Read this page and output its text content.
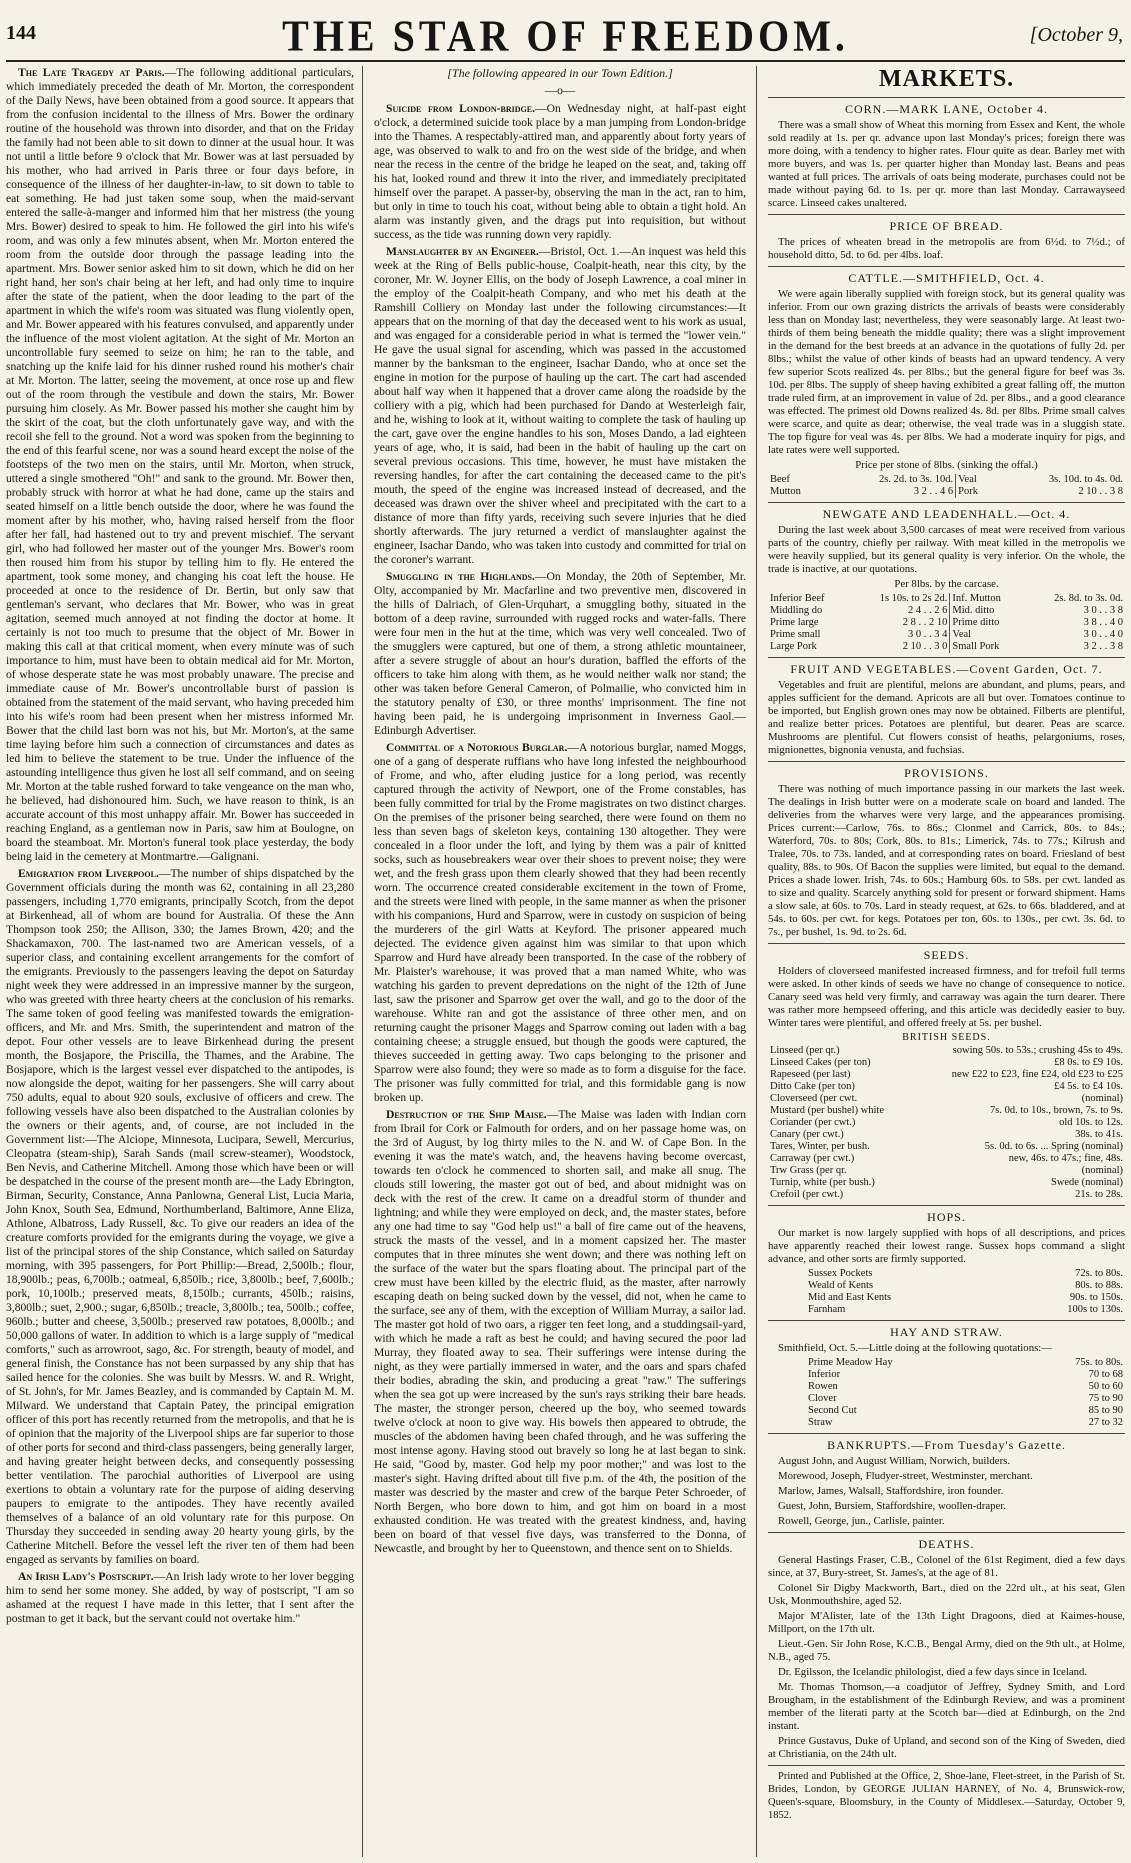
144	THE STAR OF FREEDOM.	[October 9,

The Late Tragedy at Paris.—The following additional particulars, which immediately preceded the death of Mr. Morton, the correspondent of the Daily News, have been obtained from a good source. It appears that from the confusion incidental to the illness of Mrs. Bower the ordinary routine of the household was thrown into disorder, and that on the Friday the family had not been able to sit down to dinner at the usual hour. It was not until a little before 9 o'clock that Mr. Bower was at last persuaded by his mother, who had arrived in Paris three or four days before, in consequence of the illness of her daughter-in-law, to sit down to table to eat something. He had just taken some soup, when the maid-servant entered the salle-à-manger and informed him that her mistress (the young Mrs. Bower) desired to speak to him. He followed the girl into his wife's room, and was only a few minutes absent, when Mr. Morton entered the room from the outside door through the passage leading into the apartment. Mrs. Bower senior asked him to sit down, which he did on her right hand, her son's chair being at her left, and had only time to inquire after the state of the patient, when the door leading to the part of the apartment in which the wife's room was situated was flung violently open, and Mr. Bower appeared with his features convulsed, and apparently under the influence of the most violent agitation. At the sight of Mr. Morton an uncontrollable fury seemed to seize on him; he ran to the table, and snatching up the knife laid for his dinner rushed round his mother's chair at Mr. Morton. The latter, seeing the movement, at once rose up and flew out of the room through the vestibule and down the stairs, Mr. Bower pursuing him closely. As Mr. Bower passed his mother she caught him by the skirt of the coat, but the cloth unfortunately gave way, and with the recoil she fell to the ground. Not a word was spoken from the beginning to the end of this fearful scene, nor was a sound heard except the noise of the footsteps of the two men on the stairs, until Mr. Morton, when struck, uttered a single smothered "Oh!" and sank to the ground. Mr. Bower then, probably struck with horror at what he had done, came up the stairs and seated himself on a little bench outside the door, where he was found the moment after by his mother, who, having raised herself from the floor after her fall, had hastened out to try and prevent mischief. The servant girl, who had followed her master out of the younger Mrs. Bower's room then roused him from his stupor by telling him to fly. He entered the apartment, took some money, and changing his coat left the house. He proceeded at once to the residence of Dr. Bertin, but only saw that gentleman's servant, who declares that Mr. Bower, who was in great agitation, seemed much annoyed at not finding the doctor at home. It certainly is not too much to presume that the object of Mr. Bower in making this call at that critical moment, when every minute was of such importance to him, must have been to obtain medical aid for Mr. Morton, of whose desperate state he was most probably unaware. The precise and immediate cause of Mr. Bower's uncontrollable burst of passion is obtained from the statement of the maid servant, who having preceded him into his wife's room had been present when her mistress informed Mr. Bower that the child last born was not his, but Mr. Morton's, at the same time laying before him such a connection of circumstances and dates as led him to believe the statement to be true. Under the influence of the astounding intelligence thus given he lost all self command, and on seeing Mr. Morton at the table rushed forward to take vengeance on the man who, he believed, had dishonoured him. Such, we have reason to think, is an accurate account of this most unhappy affair. Mr. Bower has succeeded in reaching England, as a gentleman now in Paris, saw him at Boulogne, on board the steamboat. Mr. Morton's funeral took place yesterday, the body being laid in the cemetery at Montmartre.—Galignani.

Emigration from Liverpool.—The number of ships dispatched by the Government officials during the month was 62, containing in all 23,280 passengers, including 1,770 emigrants, principally Scotch, from the depot at Birkenhead, all of whom are bound for Australia. Of these the Ann Thompson took 250; the Allison, 330; the James Brown, 420; and the Shackamaxon, 700. The last-named two are American vessels, of a superior class, and containing excellent arrangements for the comfort of the emigrants. Previously to the passengers leaving the depot on Saturday night week they were addressed in an impressive manner by the surgeon, who was greeted with three hearty cheers at the conclusion of his remarks. The same token of good feeling was manifested towards the emigration-officers, and Mr. and Mrs. Smith, the superintendent and matron of the depot. Four other vessels are to leave Birkenhead during the present month, the Bosjapore, the Priscilla, the Thames, and the Arabine. The Bosjapore, which is the largest vessel ever dispatched to the antipodes, is now alongside the depot, waiting for her passengers. She will carry about 750 adults, equal to about 920 souls, exclusive of officers and crew. The following vessels have also been dispatched to the Australian colonies by the owners or their agents, and, of course, are not included in the Government list:—The Alciope, Minnesota, Lucipara, Sewell, Mercurius, Cleopatra (steam-ship), Sarah Sands (mail screw-steamer), Woodstock, Ben Nevis, and Catherine Mitchell. Among those which have been or will be despatched in the course of the present month are—the Lady Ebrington, Birman, Security, Constance, Anna Panlowna, General List, Lucia Maria, John Knox, South Sea, Edmund, Northumberland, Baltimore, Anne Eliza, Athlone, Albatross, Lady Russell, &c. To give our readers an idea of the creature comforts provided for the emigrants during the voyage, we give a list of the principal stores of the ship Constance, which sailed on Saturday morning, with 395 passengers, for Port Phillip:—Bread, 2,500lb.; flour, 18,900lb.; peas, 6,700lb.; oatmeal, 6,850lb.; rice, 3,800lb.; beef, 7,600lb.; pork, 10,100lb.; preserved meats, 8,150lb.; currants, 450lb.; raisins, 3,800lb.; suet, 2,900.; sugar, 6,850lb.; treacle, 3,800lb.; tea, 500lb.; coffee, 960lb.; butter and cheese, 3,500lb.; preserved raw potatoes, 8,000lb.; and 50,000 gallons of water. In addition to which is a large supply of "medical comforts," such as arrowroot, sago, &c. For strength, beauty of model, and general finish, the Constance has not been surpassed by any ship that has sailed hence for the colonies. She was built by Messrs. W. and R. Wright, of St. John's, for Mr. James Beazley, and is commanded by Captain M. M. Milward. We understand that Captain Patey, the principal emigration officer of this port has recently returned from the metropolis, and that he is of opinion that the majority of the Liverpool ships are far superior to those of other ports for second and third-class passengers, being generally larger, and having greater height between decks, and consequently possessing better ventilation. The parochial authorities of Liverpool are using exertions to obtain a voluntary rate for the purpose of aiding deserving paupers to emigrate to the antipodes. They have recently availed themselves of a balance of an old voluntary rate for this purpose. On Thursday they succeeded in sending away 20 hearty young girls, by the Catherine Mitchell. Before the vessel left the river ten of them had been engaged as servants by families on board.

An Irish Lady's Postscript.—An Irish lady wrote to her lover begging him to send her some money. She added, by way of postscript, "I am so ashamed at the request I have made in this letter, that I sent after the postman to get it back, but the servant could not overtake him."

[The following appeared in our Town Edition.]
—o—

Suicide from London-bridge.—On Wednesday night, at half-past eight o'clock, a determined suicide took place by a man jumping from London-bridge into the Thames. A respectably-attired man, and apparently about forty years of age, was observed to walk to and fro on the west side of the bridge, and when near the recess in the centre of the bridge he leaped on the seat, and, taking off his hat, looked round and threw it into the river, and immediately precipitated himself over the parapet. A passer-by, observing the man in the act, ran to him, but only in time to touch his coat, without being able to obtain a tight hold. An alarm was instantly given, and the drags put into requisition, but without success, as the tide was running down very rapidly.

Manslaughter by an Engineer.—Bristol, Oct. 1.—An inquest was held this week at the Ring of Bells public-house, Coalpit-heath, near this city, by the coroner, Mr. W. Joyner Ellis, on the body of Joseph Lawrence, a coal miner in the employ of the Coalpit-heath Company, and who met his death at the Ramshill Colliery on Monday last under the following circumstances:—It appears that on the morning of that day the deceased went to his work as usual, and was engaged for a considerable period in what is termed the "lower vein." He gave the usual signal for ascending, which was passed in the accustomed manner by the banksman to the engineer, Isachar Dando, who at once set the engine in motion for the purpose of hauling up the cart. The cart had ascended about half way when it happened that a drover came along the roadside by the colliery with a pig, which had been purchased for Dando at Westerleigh fair, and he, wishing to look at it, without waiting to complete the task of hauling up the cart, gave over the engine handles to his son, Moses Dando, a lad eighteen years of age, who, it is said, had been in the habit of hauling up the cart on several previous occasions. This time, however, he must have mistaken the reversing handles, for after the cart containing the deceased came to the pit's mouth, the speed of the engine was increased instead of decreased, and the deceased was drawn over the shiver wheel and precipitated with the cart to a distance of more than fifty yards, receiving such severe injuries that he died shortly afterwards. The jury returned a verdict of manslaughter against the engineer, Isachar Dando, who was taken into custody and committed for trial on the coroner's warrant.

Smuggling in the Highlands.—On Monday, the 20th of September, Mr. Olty, accompanied by Mr. Macfarline and two preventive men, discovered in the hills of Dalriach, of Glen-Urquhart, a smuggling bothy, situated in the bottom of a deep ravine, surrounded with rugged rocks and water-falls. There were four men in the hut at the time, which was very well concealed. Two of the smugglers were captured, but one of them, a strong athletic mountaineer, after a severe struggle of about an hour's duration, baffled the efforts of the officers to take him along with them, as he would neither walk nor stand; the other was taken before General Cameron, of Polmailie, who convicted him in the statutory penalty of £30, or three months' imprisonment. The fine not having been paid, he is undergoing imprisonment in Inverness Gaol.—Edinburgh Advertiser.

Committal of a Notorious Burglar.—A notorious burglar, named Moggs, one of a gang of desperate ruffians who have long infested the neighbourhood of Frome, and who, after eluding justice for a long period, was recently captured through the activity of Newport, one of the Frome constables, has been fully committed for trial by the Frome magistrates on two distinct charges. On the premises of the prisoner being searched, there were found on them no less than seven bags of skeleton keys, containing 130 altogether. They were concealed in a floor under the loft, and lying by them was a pair of knitted socks, such as housebreakers wear over their shoes to prevent noise; they were wet, and the fresh grass upon them clearly showed that they had been recently worn. The occurrence created considerable excitement in the town of Frome, and the streets were lined with people, in the same manner as when the prisoner with his companions, Hurd and Sparrow, were in custody on suspicion of being the murderers of the girl Watts at Keyford. The prisoner appeared much dejected. The evidence given against him was similar to that upon which Sparrow and Hurd have already been transported. In the case of the robbery of Mr. Plaister's warehouse, it was proved that a man named White, who was watching his garden to prevent depredations on the night of the 12th of June last, saw the prisoner and Sparrow get over the wall, and go to the door of the warehouse. White ran and got the assistance of three other men, and on returning caught the prisoner Maggs and Sparrow coming out laden with a bag containing cheese; a struggle ensued, but though the goods were captured, the thieves succeeded in getting away. Two caps belonging to the prisoner and Sparrow were also found; they were so made as to form a disguise for the face. The prisoner was fully committed for trial, and this formidable gang is now broken up.

Destruction of the Ship Maise.—The Maise was laden with Indian corn from Ibrail for Cork or Falmouth for orders, and on her passage home was, on the 3rd of August, by log thirty miles to the N. and W. of Cape Bon. In the evening it was the mate's watch, and, the heavens having become overcast, towards ten o'clock he commenced to shorten sail, and make all snug. The clouds still lowering, the master got out of bed, and about midnight was on deck with the rest of the crew. It came on a dreadful storm of thunder and lightning; and while they were employed on deck, and, the master states, before any one had time to say "God help us!" a ball of fire came out of the heavens, struck the masts of the vessel, and in a moment capsized her. The master computes that in three minutes she went down; and there was nothing left on the surface of the water but the spars floating about. The principal part of the crew must have been killed by the electric fluid, as the master, after narrowly escaping death on being sucked down by the vessel, did not, when he came to the surface, see any of them, with the exception of William Murray, a sailor lad. The master got hold of two oars, a rigger ten feet long, and a studdingsail-yard, with which he made a raft as best he could; and having secured the poor lad Murray, they floated away to sea. Their sufferings were intense during the night, as they were partially immersed in water, and the oars and spars chafed their bodies, abrading the skin, and producing a great "raw." The sufferings when the sea got up were increased by the sun's rays striking their bare heads. The master, the stronger person, cheered up the boy, who seemed towards twelve o'clock at noon to give way. His bowels then appeared to obtrude, the muscles of the abdomen having been chafed through, and he was suffering the most intense agony. Having stood out bravely so long he at last began to sink. He said, "Good by, master. God help my poor mother;" and was lost to the master's sight. Having drifted about till five p.m. of the 4th, the position of the master was descried by the master and crew of the barque Peter Schroeder, of North Bergen, who bore down to him, and got him on board in a most exhausted condition. He was treated with the greatest kindness, and, having been on board of that vessel five days, was transferred to the Donna, of Newcastle, and brought by her to Queenstown, and thence sent on to Shields.

MARKETS.
CORN.—MARK LANE, October 4.

There was a small show of Wheat this morning from Essex and Kent, the whole sold readily at 1s. per qr. advance upon last Monday's prices; foreign there was more doing, with a tendency to higher rates. Flour quite as dear. Barley met with more buyers, and was 1s. per quarter higher than Monday last. Beans and peas wanted at full prices. The arrivals of oats being moderate, purchases could not be made without paying 6d. to 1s. per qr. more than last Monday. Carrawayseed scarce. Linseed cakes unaltered.

PRICE OF BREAD.

The prices of wheaten bread in the metropolis are from 6½d. to 7½d.; of household ditto, 5d. to 6d. per 4lbs. loaf.

CATTLE.—SMITHFIELD, Oct. 4.

We were again liberally supplied with foreign stock, but its general quality was inferior. From our own grazing districts the arrivals of beasts were considerably less than on Monday last; nevertheless, they were seasonably large. At least two-thirds of them being beneath the middle quality; there was a slight improvement in the demand for the best breeds at an advance in the quotations of fully 2d. per 8lbs.; whilst the value of other kinds of beasts had an upward tendency. A very few superior Scots realized 4s. per 8lbs.; but the general figure for beef was 3s. 10d. per 8lbs. The supply of sheep having exhibited a great falling off, the mutton trade ruled firm, at an improvement in value of 2d. per 8lbs., and a good clearance was effected. The primest old Downs realized 4s. 8d. per 8lbs. Prime small calves were scarce, and quite as dear; otherwise, the veal trade was in a sluggish state. The top figure for veal was 4s. per 8lbs. We had a moderate inquiry for pigs, and late rates were well supported.

Price per stone of 8lbs. (sinking the offal.)

Beef	2s. 2d. to 3s. 10d.	Veal	3s. 10d. to 4s. 0d.
Mutton	3 2 . . 4 6	Pork	2 10 . . 3 8
NEWGATE AND LEADENHALL.—Oct. 4.

During the last week about 3,500 carcases of meat were received from various parts of the country, chiefly per railway. With meat killed in the metropolis we were heavily supplied, but its general quality is very inferior. On the whole, the trade is inactive, at our quotations.

Per 8lbs. by the carcase.

Inferior Beef	1s 10s. to 2s 2d.	Inf. Mutton	2s. 8d. to 3s. 0d.
Middling do	2 4 . . 2 6	Mid. ditto	3 0 . . 3 8
Prime large	2 8 . . 2 10	Prime ditto	3 8 . . 4 0
Prime small	3 0 . . 3 4	Veal	3 0 . . 4 0
Large Pork	2 10 . . 3 0	Small Pork	3 2 . . 3 8
FRUIT AND VEGETABLES.—Covent Garden, Oct. 7.

Vegetables and fruit are plentiful, melons are abundant, and plums, pears, and apples sufficient for the demand. Apricots are all but over. Tomatoes continue to be imported, but English grown ones may now be obtained. Filberts are plentiful, and realize better prices. Potatoes are plentiful, but dearer. Peas are scarce. Mushrooms are plentiful. Cut flowers consist of heaths, pelargoniums, roses, mignionettes, bignonia venusta, and fuchsias.

PROVISIONS.

There was nothing of much importance passing in our markets the last week. The dealings in Irish butter were on a moderate scale on board and landed. The deliveries from the wharves were very large, and the appearances promising. Prices current:—Carlow, 76s. to 86s.; Clonmel and Carrick, 80s. to 84s.; Waterford, 70s. to 80s; Cork, 80s. to 81s.; Limerick, 74s. to 77s.; Kilrush and Tralee, 70s. to 73s. landed, and at corresponding rates on board. Friesland of best quality, 88s. to 90s. Of Bacon the supplies were limited, but equal to the demand. Prices a shade lower. Irish, 74s. to 60s.; Hamburg 60s. to 58s. per cwt. landed as to size and quality. Scarcely anything sold for present or forward shipment. Hams a slow sale, at 60s. to 70s. Lard in steady request, at 62s. to 66s. bladdered, and at 54s. to 60s. per cwt. for kegs. Potatoes per ton, 60s. to 130s., per cwt. 3s. 6d. to 7s., per bushel, 1s. 9d. to 2s. 6d.

SEEDS.

Holders of cloverseed manifested increased firmness, and for trefoil full terms were asked. In other kinds of seeds we have no change of consequence to notice. Canary seed was held very firmly, and carraway was again the turn dearer. There was rather more hempseed offering, and this article was decidedly easier to buy. Winter tares were plentiful, and offered freely at 5s. per bushel.

BRITISH SEEDS.
Linseed (per qr.)	sowing 50s. to 53s.; crushing 45s to 49s.
Linseed Cakes (per ton)	£8 0s. to £9 10s.
Rapeseed (per last)	new £22 to £23, fine £24, old £23 to £25
Ditto Cake (per ton)	£4 5s. to £4 10s.
Cloverseed (per cwt.	(nominal)
Mustard (per bushel) white	7s. 0d. to 10s., brown, 7s. to 9s.
Coriander (per cwt.)	old 10s. to 12s.
Canary (per cwt.)	38s. to 41s.
Tares, Winter, per bush.	5s. 0d. to 6s. ... Spring (nominal)
Carraway (per cwt.)	new, 46s. to 47s.; fine, 48s.
Trw Grass (per qr.	(nominal)
Turnip, white (per bush.)	Swede (nominal)
Crefoil (per cwt.)	21s. to 28s.
HOPS.

Our market is now largely supplied with hops of all descriptions, and prices have apparently reached their lowest range. Sussex hops command a slight advance, and other sorts are firmly supported.

Sussex Pockets	72s. to 80s.
Weald of Kents	80s. to 88s.
Mid and East Kents	90s. to 150s.
Farnham	100s to 130s.
HAY AND STRAW.

Smithfield, Oct. 5.—Little doing at the following quotations:—

Prime Meadow Hay	75s. to 80s.
Inferior	70 to 68
Rowen	50 to 60
Clover	75 to 90
Second Cut	85 to 90
Straw	27 to 32
BANKRUPTS.—From Tuesday's Gazette.

August John, and August William, Norwich, builders.

Morewood, Joseph, Fludyer-street, Westminster, merchant.

Marlow, James, Walsall, Staffordshire, iron founder.

Guest, John, Bursiem, Staffordshire, woollen-draper.

Rowell, George, jun., Carlisle, painter.

DEATHS.

General Hastings Fraser, C.B., Colonel of the 61st Regiment, died a few days since, at 37, Bury-street, St. James's, at the age of 81.

Colonel Sir Digby Mackworth, Bart., died on the 22rd ult., at his seat, Glen Usk, Monmouthshire, aged 52.

Major M'Alister, late of the 13th Light Dragoons, died at Kaimes-house, Millport, on the 17th ult.

Lieut.-Gen. Sir John Rose, K.C.B., Bengal Army, died on the 9th ult., at Holme, N.B., aged 75.

Dr. Egilsson, the Icelandic philologist, died a few days since in Iceland.

Mr. Thomas Thomson,—a coadjutor of Jeffrey, Sydney Smith, and Lord Brougham, in the establishment of the Edinburgh Review, and was a prominent member of the literati party at the Scotch bar—died at Edinburgh, on the 2nd instant.

Prince Gustavus, Duke of Upland, and second son of the King of Sweden, died at Christiania, on the 24th ult.

Printed and Published at the Office, 2, Shoe-lane, Fleet-street, in the Parish of St. Brides, London, by GEORGE JULIAN HARNEY, of No. 4, Brunswick-row, Queen's-square, Bloomsbury, in the County of Middlesex.—Saturday, October 9, 1852.
